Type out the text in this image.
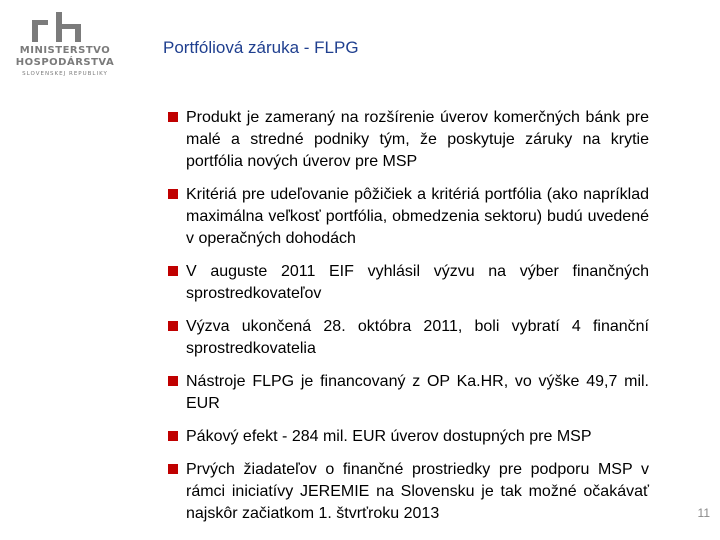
MINISTERSTVO
HOSPODÁRSTVA
SLOVENSKEJ REPUBLIKY
Portfóliová záruka - FLPG
Produkt je zameraný na rozšírenie úverov komerčných bánk pre malé a stredné podniky tým, že poskytuje záruky na krytie portfólia nových úverov pre MSP
Kritériá pre udeľovanie pôžičiek a kritériá portfólia (ako napríklad maximálna veľkosť portfólia, obmedzenia sektoru) budú uvedené v operačných dohodách
V auguste 2011 EIF vyhlásil výzvu na výber finančných sprostredkovateľov
Výzva ukončená 28. októbra 2011, boli vybratí 4 finanční sprostredkovatelia
Nástroje FLPG je financovaný z OP Ka.HR, vo výške 49,7 mil. EUR
Pákový efekt - 284 mil. EUR úverov dostupných pre MSP
Prvých žiadateľov o finančné prostriedky pre podporu MSP v rámci iniciatívy JEREMIE na Slovensku je tak možné očakávať najskôr začiatkom 1. štvrťroku 2013	11
